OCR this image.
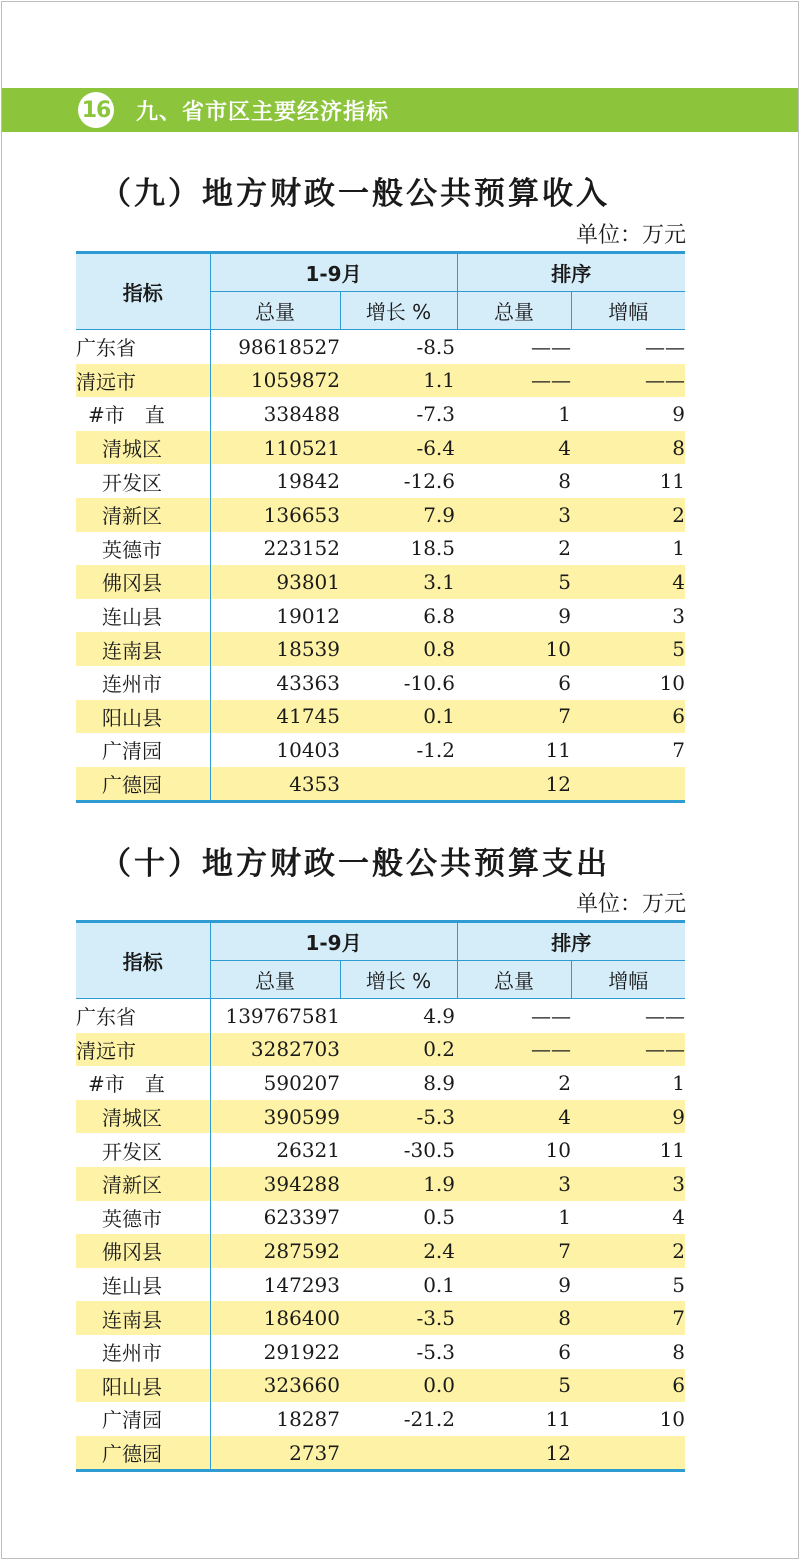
16 九、省市区主要经济指标
（九）地方财政一般公共预算收入
单位：万元
指标	1-9月		排序	
	总量	增长 %	总量	增幅
广东省	98618527	-8.5	——	——
清远市	1059872	1.1	——	——
#市　直	338488	-7.3	1	9
清城区	110521	-6.4	4	8
开发区	19842	-12.6	8	11
清新区	136653	7.9	3	2
英德市	223152	18.5	2	1
佛冈县	93801	3.1	5	4
连山县	19012	6.8	9	3
连南县	18539	0.8	10	5
连州市	43363	-10.6	6	10
阳山县	41745	0.1	7	6
广清园	10403	-1.2	11	7
广德园	4353		12	
（十）地方财政一般公共预算支出
单位：万元
指标	1-9月		排序	
	总量	增长 %	总量	增幅
广东省	139767581	4.9	——	——
清远市	3282703	0.2	——	——
#市　直	590207	8.9	2	1
清城区	390599	-5.3	4	9
开发区	26321	-30.5	10	11
清新区	394288	1.9	3	3
英德市	623397	0.5	1	4
佛冈县	287592	2.4	7	2
连山县	147293	0.1	9	5
连南县	186400	-3.5	8	7
连州市	291922	-5.3	6	8
阳山县	323660	0.0	5	6
广清园	18287	-21.2	11	10
广德园	2737		12	
